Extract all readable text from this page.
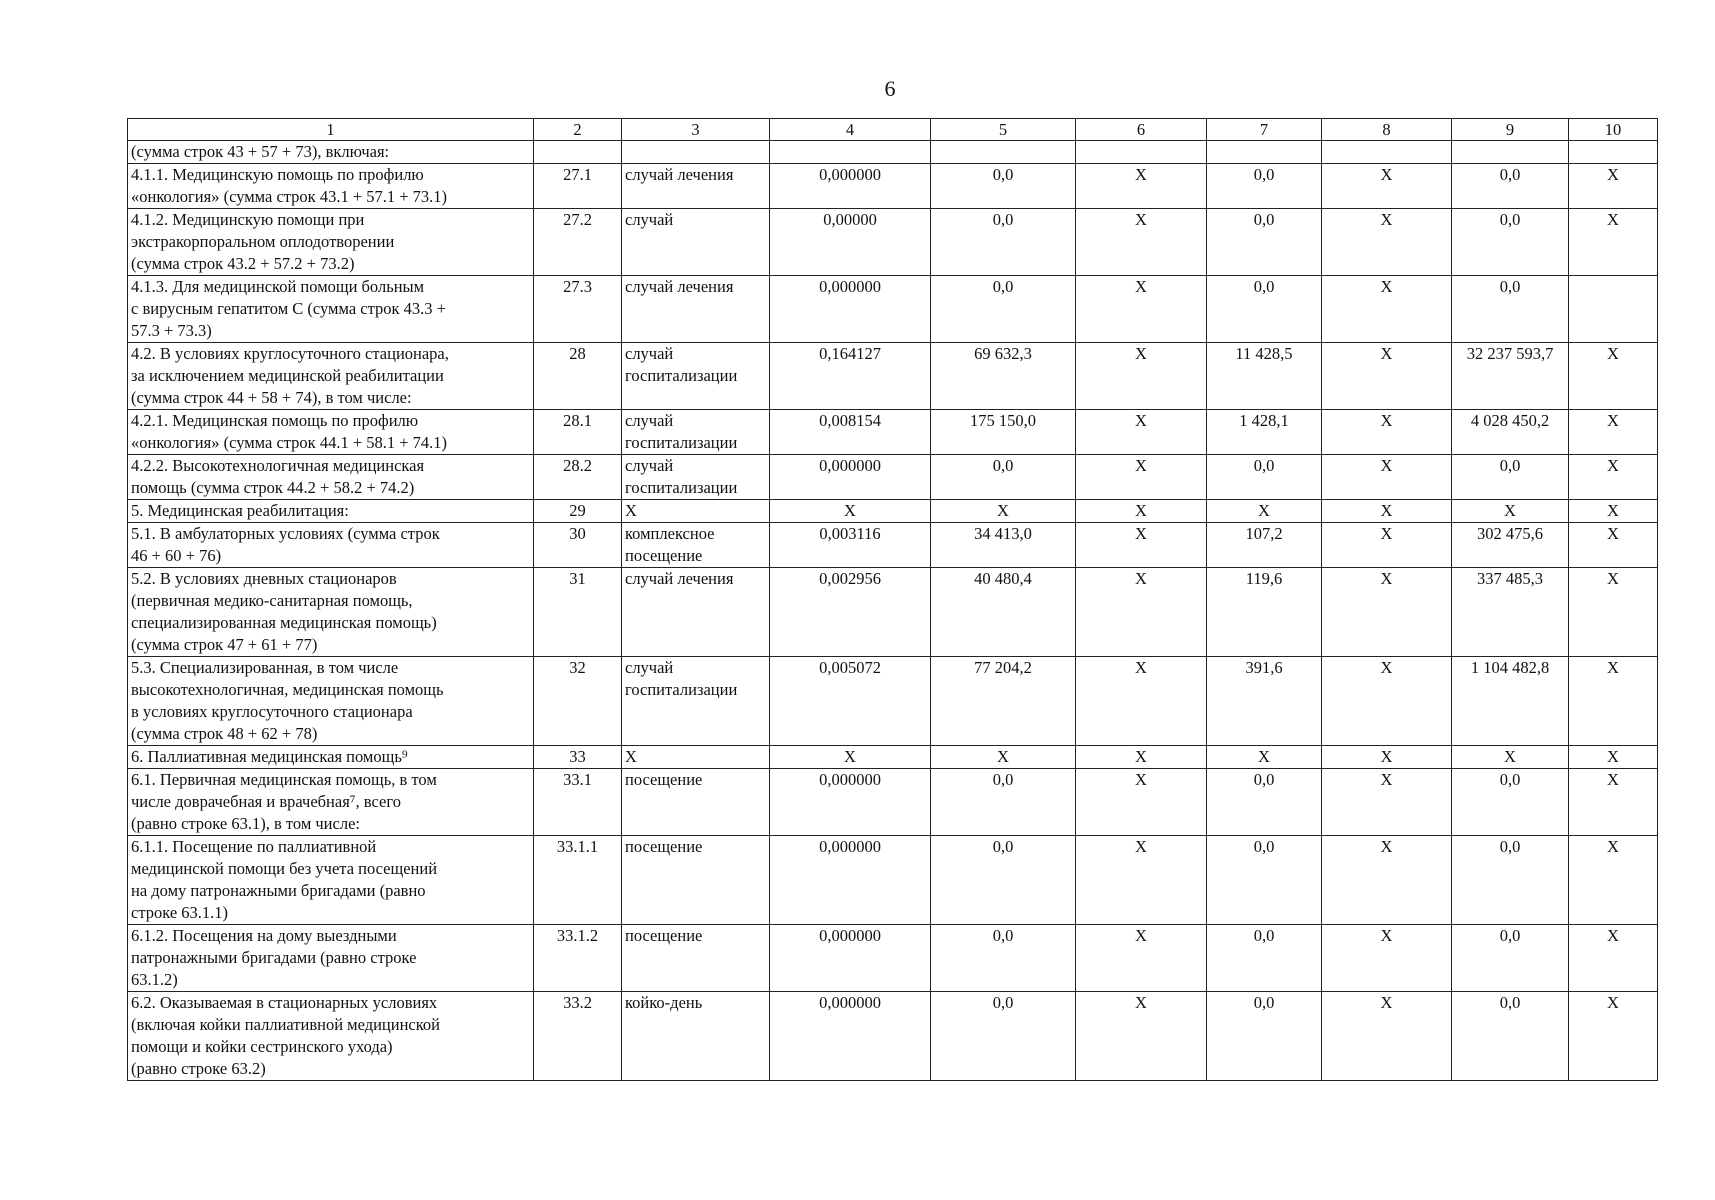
6
1	2	3	4	5	6	7	8	9	10

(сумма строк 43 + 57 + 73), включая:									

4.1.1. Медицинскую помощь по профилю
«онкология» (сумма строк 43.1 + 57.1 + 73.1)	27.1	случай лечения	0,000000	0,0	X	0,0	X	0,0	X

4.1.2. Медицинскую помощи при
экстракорпоральном оплодотворении
(сумма строк 43.2 + 57.2 + 73.2)	27.2	случай	0,00000	0,0	X	0,0	X	0,0	X

4.1.3. Для медицинской помощи больным
с вирусным гепатитом С (сумма строк 43.3 +
57.3 + 73.3)	27.3	случай лечения	0,000000	0,0	X	0,0	X	0,0	

4.2. В условиях круглосуточного стационара,
за исключением медицинской реабилитации
(сумма строк 44 + 58 + 74), в том числе:	28	случай
госпитализации	0,164127	69 632,3	X	11 428,5	X	32 237 593,7	X

4.2.1. Медицинская помощь по профилю
«онкология» (сумма строк 44.1 + 58.1 + 74.1)	28.1	случай
госпитализации	0,008154	175 150,0	X	1 428,1	X	4 028 450,2	X

4.2.2. Высокотехнологичная медицинская
помощь (сумма строк 44.2 + 58.2 + 74.2)	28.2	случай
госпитализации	0,000000	0,0	X	0,0	X	0,0	X

5. Медицинская реабилитация:	29	X	X	X	X	X	X	X	X

5.1. В амбулаторных условиях (сумма строк
46 + 60 + 76)	30	комплексное
посещение	0,003116	34 413,0	X	107,2	X	302 475,6	X

5.2. В условиях дневных стационаров
(первичная медико-санитарная помощь,
специализированная медицинская помощь)
(сумма строк 47 + 61 + 77)	31	случай лечения	0,002956	40 480,4	X	119,6	X	337 485,3	X

5.3. Специализированная, в том числе
высокотехнологичная, медицинская помощь
в условиях круглосуточного стационара
(сумма строк 48 + 62 + 78)	32	случай
госпитализации	0,005072	77 204,2	X	391,6	X	1 104 482,8	X

6. Паллиативная медицинская помощь⁹	33	X	X	X	X	X	X	X	X

6.1. Первичная медицинская помощь, в том
числе доврачебная и врачебная⁷, всего
(равно строке 63.1), в том числе:	33.1	посещение	0,000000	0,0	X	0,0	X	0,0	X

6.1.1. Посещение по паллиативной
медицинской помощи без учета посещений
на дому патронажными бригадами (равно
строке 63.1.1)	33.1.1	посещение	0,000000	0,0	X	0,0	X	0,0	X

6.1.2. Посещения на дому выездными
патронажными бригадами (равно строке
63.1.2)	33.1.2	посещение	0,000000	0,0	X	0,0	X	0,0	X

6.2. Оказываемая в стационарных условиях
(включая койки паллиативной медицинской
помощи и койки сестринского ухода)
(равно строке 63.2)	33.2	койко-день	0,000000	0,0	X	0,0	X	0,0	X
